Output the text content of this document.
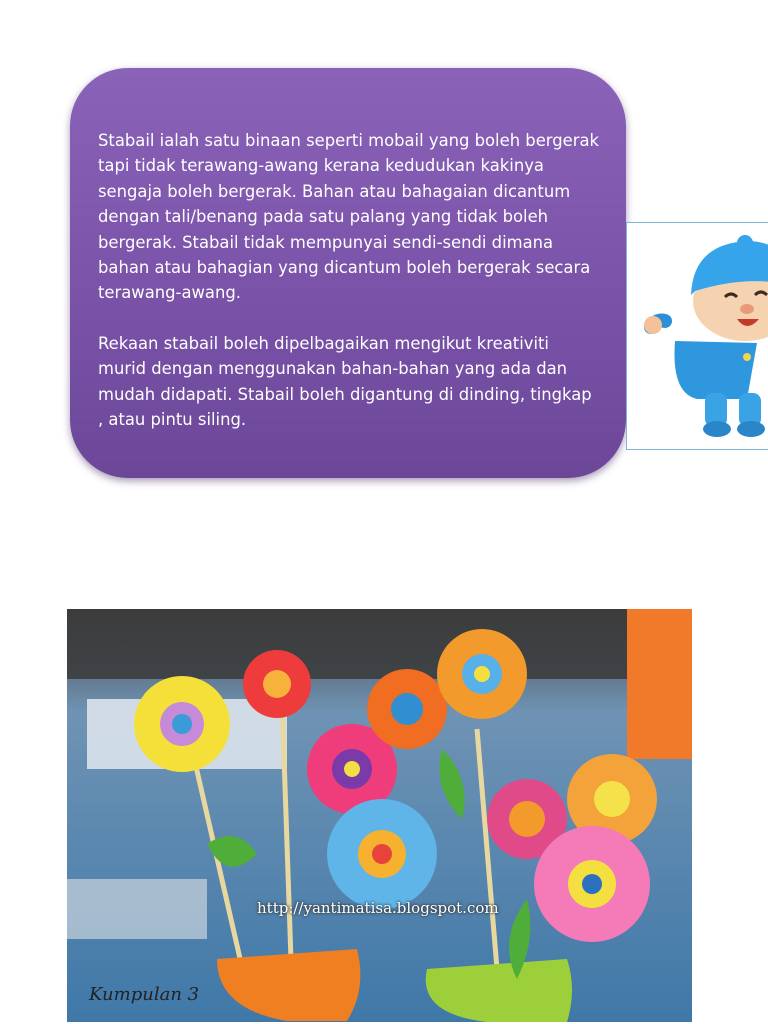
Stabail ialah satu binaan seperti mobail yang boleh bergerak tapi tidak terawang-awang kerana kedudukan kakinya sengaja boleh bergerak. Bahan atau bahagaian dicantum dengan tali/benang pada satu palang yang tidak boleh bergerak. Stabail tidak mempunyai sendi-sendi dimana bahan atau bahagian yang dicantum boleh bergerak secara terawang-awang.

Rekaan stabail boleh dipelbagaikan mengikut kreativiti murid dengan menggunakan bahan-bahan yang ada dan mudah didapati. Stabail boleh digantung di dinding, tingkap , atau pintu siling.

http://yantimatisa.blogspot.com
Kumpulan 3
